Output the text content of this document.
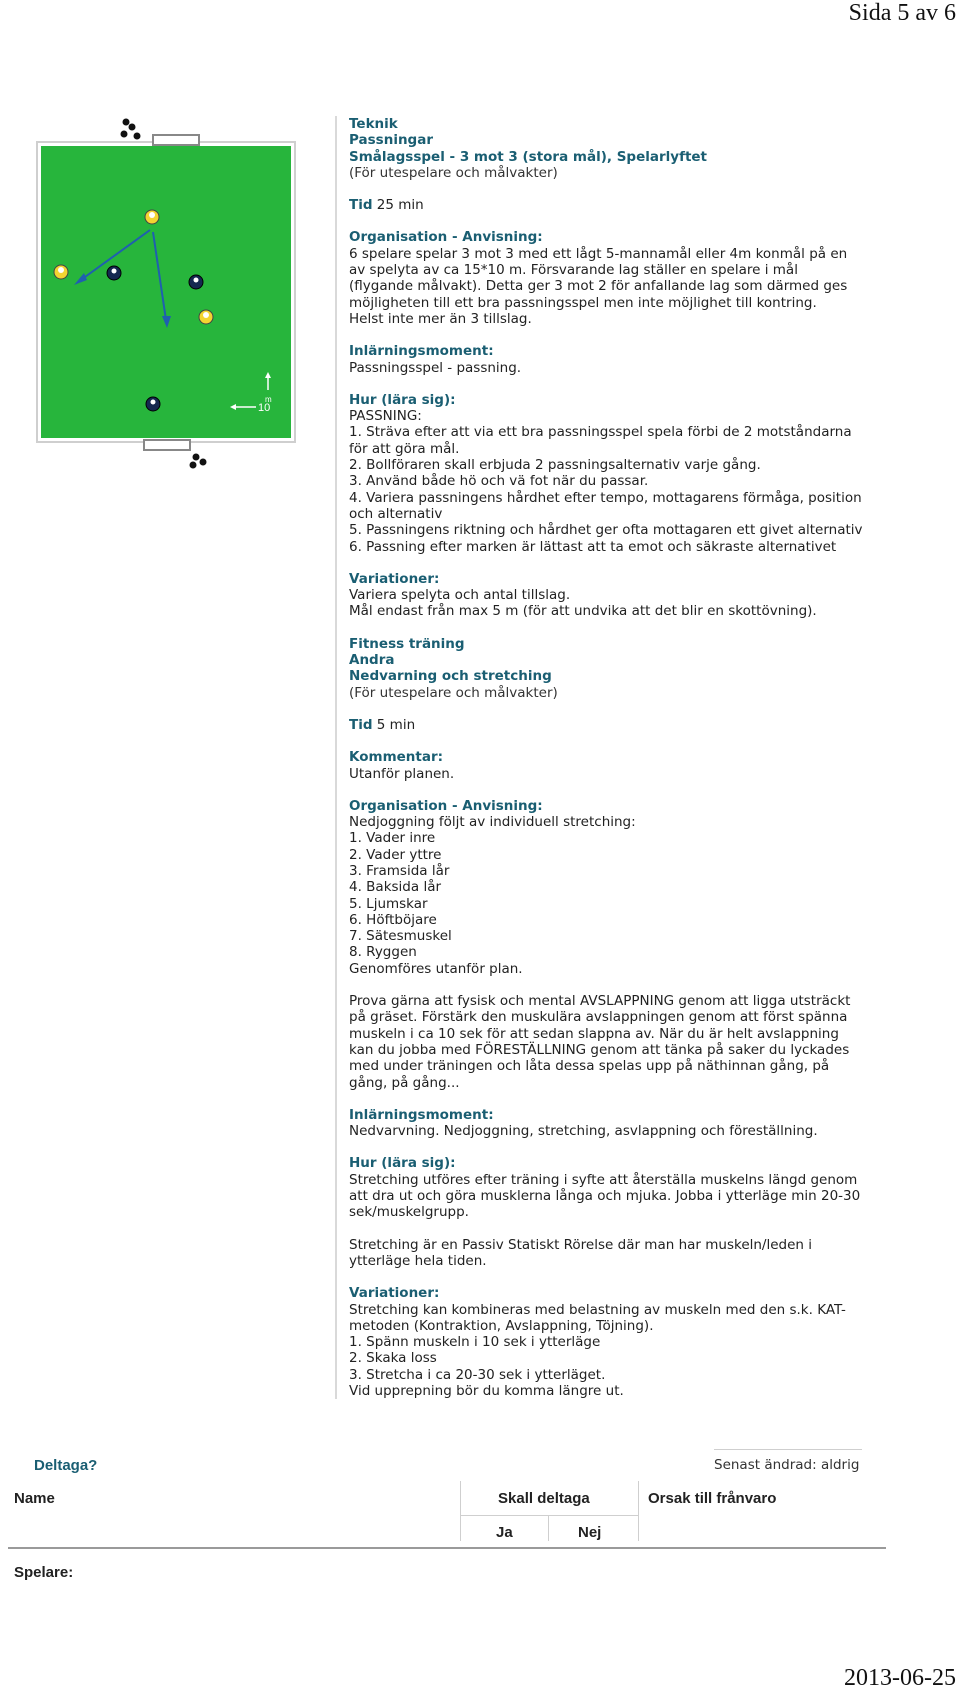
Sida 5 av 6
10
m

Teknik

Passningar

Smålagsspel - 3 mot 3 (stora mål), Spelarlyftet

(För utespelare och målvakter)

Tid 25 min

Organisation - Anvisning:

6 spelare spelar 3 mot 3 med ett lågt 5-mannamål eller 4m konmål på en

av spelyta av ca 15*10 m. Försvarande lag ställer en spelare i mål

(flygande målvakt). Detta ger 3 mot 2 för anfallande lag som därmed ges

möjligheten till ett bra passningsspel men inte möjlighet till kontring.

Helst inte mer än 3 tillslag.

Inlärningsmoment:

Passningsspel - passning.

Hur (lära sig):

PASSNING:

1. Sträva efter att via ett bra passningsspel spela förbi de 2 motståndarna

för att göra mål.

2. Bollföraren skall erbjuda 2 passningsalternativ varje gång.

3. Använd både hö och vä fot när du passar.

4. Variera passningens hårdhet efter tempo, mottagarens förmåga, position

och alternativ

5. Passningens riktning och hårdhet ger ofta mottagaren ett givet alternativ

6. Passning efter marken är lättast att ta emot och säkraste alternativet

Variationer:

Variera spelyta och antal tillslag.

Mål endast från max 5 m (för att undvika att det blir en skottövning).

Fitness träning

Andra

Nedvarning och stretching

(För utespelare och målvakter)

Tid 5 min

Kommentar:

Utanför planen.

Organisation - Anvisning:

Nedjoggning följt av individuell stretching:

1. Vader inre

2. Vader yttre

3. Framsida lår

4. Baksida lår

5. Ljumskar

6. Höftböjare

7. Sätesmuskel

8. Ryggen

Genomföres utanför plan.

Prova gärna att fysisk och mental AVSLAPPNING genom att ligga utsträckt

på gräset. Förstärk den muskulära avslappningen genom att först spänna

muskeln i ca 10 sek för att sedan slappna av. När du är helt avslappning

kan du jobba med FÖRESTÄLLNING genom att tänka på saker du lyckades

med under träningen och låta dessa spelas upp på näthinnan gång, på

gång, på gång...

Inlärningsmoment:

Nedvarvning. Nedjoggning, stretching, asvlappning och föreställning.

Hur (lära sig):

Stretching utföres efter träning i syfte att återställa muskelns längd genom

att dra ut och göra musklerna långa och mjuka. Jobba i ytterläge min 20-30

sek/muskelgrupp.

Stretching är en Passiv Statiskt Rörelse där man har muskeln/leden i

ytterläge hela tiden.

Variationer:

Stretching kan kombineras med belastning av muskeln med den s.k. KAT-

metoden (Kontraktion, Avslappning, Töjning).

1. Spänn muskeln i 10 sek i ytterläge

2. Skaka loss

3. Stretcha i ca 20-30 sek i ytterläget.

Vid upprepning bör du komma längre ut.

Deltaga?	Senast ändrad: aldrig
Name	Skall deltaga	Orsak till frånvaro
Ja	Nej
Spelare:
2013-06-25
